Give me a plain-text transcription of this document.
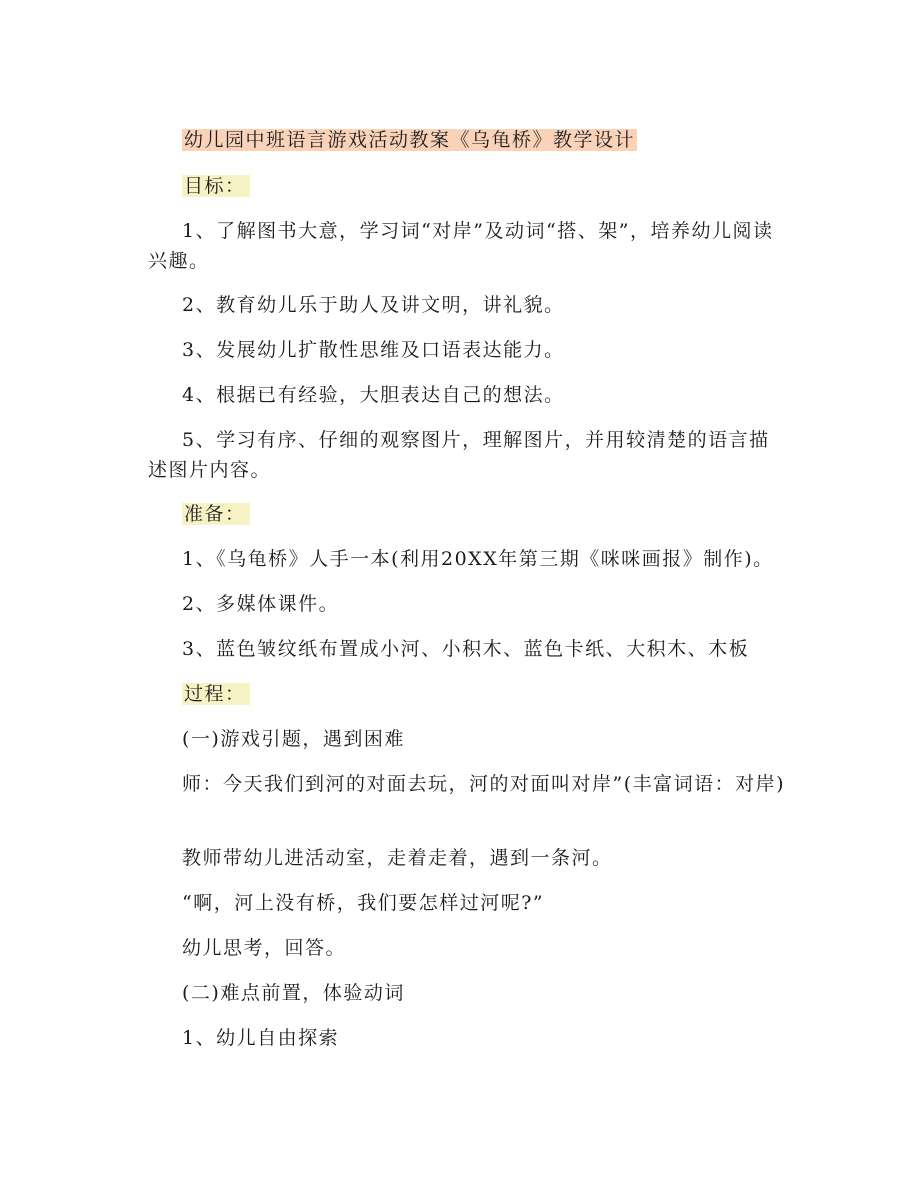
幼儿园中班语言游戏活动教案《乌龟桥》教学设计
目标：
1、了解图书大意，学习词“对岸”及动词“搭、架”，培养幼儿阅读兴趣。
2、教育幼儿乐于助人及讲文明，讲礼貌。
3、发展幼儿扩散性思维及口语表达能力。
4、根据已有经验，大胆表达自己的想法。
5、学习有序、仔细的观察图片，理解图片，并用较清楚的语言描述图片内容。
准备：
1、《乌龟桥》人手一本(利用20XX年第三期《咪咪画报》制作)。
2、多媒体课件。
3、蓝色皱纹纸布置成小河、小积木、蓝色卡纸、大积木、木板
过程：
(一)游戏引题，遇到困难
师：今天我们到河的对面去玩，河的对面叫对岸”(丰富词语：对岸)
教师带幼儿进活动室，走着走着，遇到一条河。
“啊，河上没有桥，我们要怎样过河呢?”
幼儿思考，回答。
(二)难点前置，体验动词
1、幼儿自由探索
